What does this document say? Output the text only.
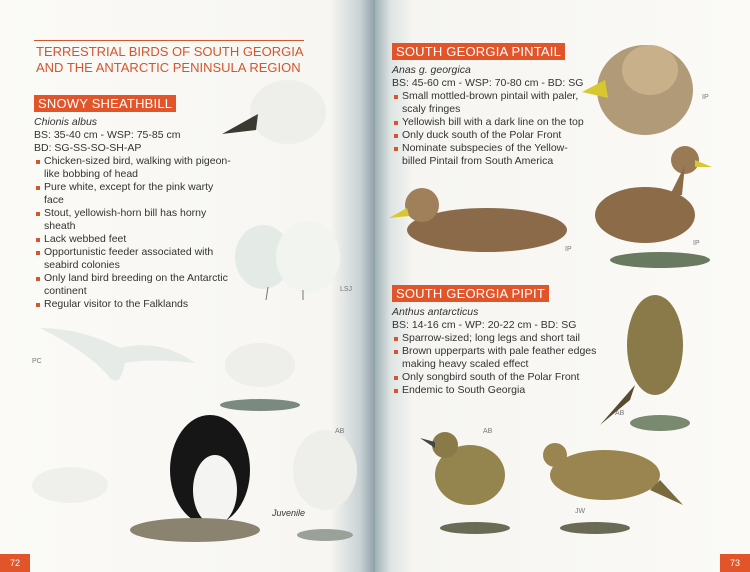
TERRESTRIAL BIRDS OF SOUTH GEORGIA
AND THE ANTARCTIC PENINSULA REGION
SNOWY SHEATHBILL
Chionis albus
BS: 35-40 cm - WSP: 75-85 cm
BD: SG-SS-SO-SH-AP
Chicken-sized bird, walking with pigeon-like bobbing of head
Pure white, except for the pink warty face
Stout, yellowish-horn bill has horny sheath
Lack webbed feet
Opportunistic feeder associated with seabird colonies
Only land bird breeding on the Antarctic continent
Regular visitor to the Falklands
LSJ
PC
AB
Juvenile
72
SOUTH GEORGIA PINTAIL
Anas g. georgica
BS: 45-60 cm - WSP: 70-80 cm - BD: SG
Small mottled-brown pintail with paler, scaly fringes
Yellowish bill with a dark line on the top
Only duck south of the Polar Front
Nominate subspecies of the Yellow-billed Pintail from South America
IP
IP
IP
SOUTH GEORGIA PIPIT
Anthus antarcticus
BS: 14-16 cm - WP: 20-22 cm - BD: SG
Sparrow-sized; long legs and short tail
Brown upperparts with pale feather edges making heavy scaled effect
Only songbird south of the Polar Front
Endemic to South Georgia
AB
AB
JW
73
